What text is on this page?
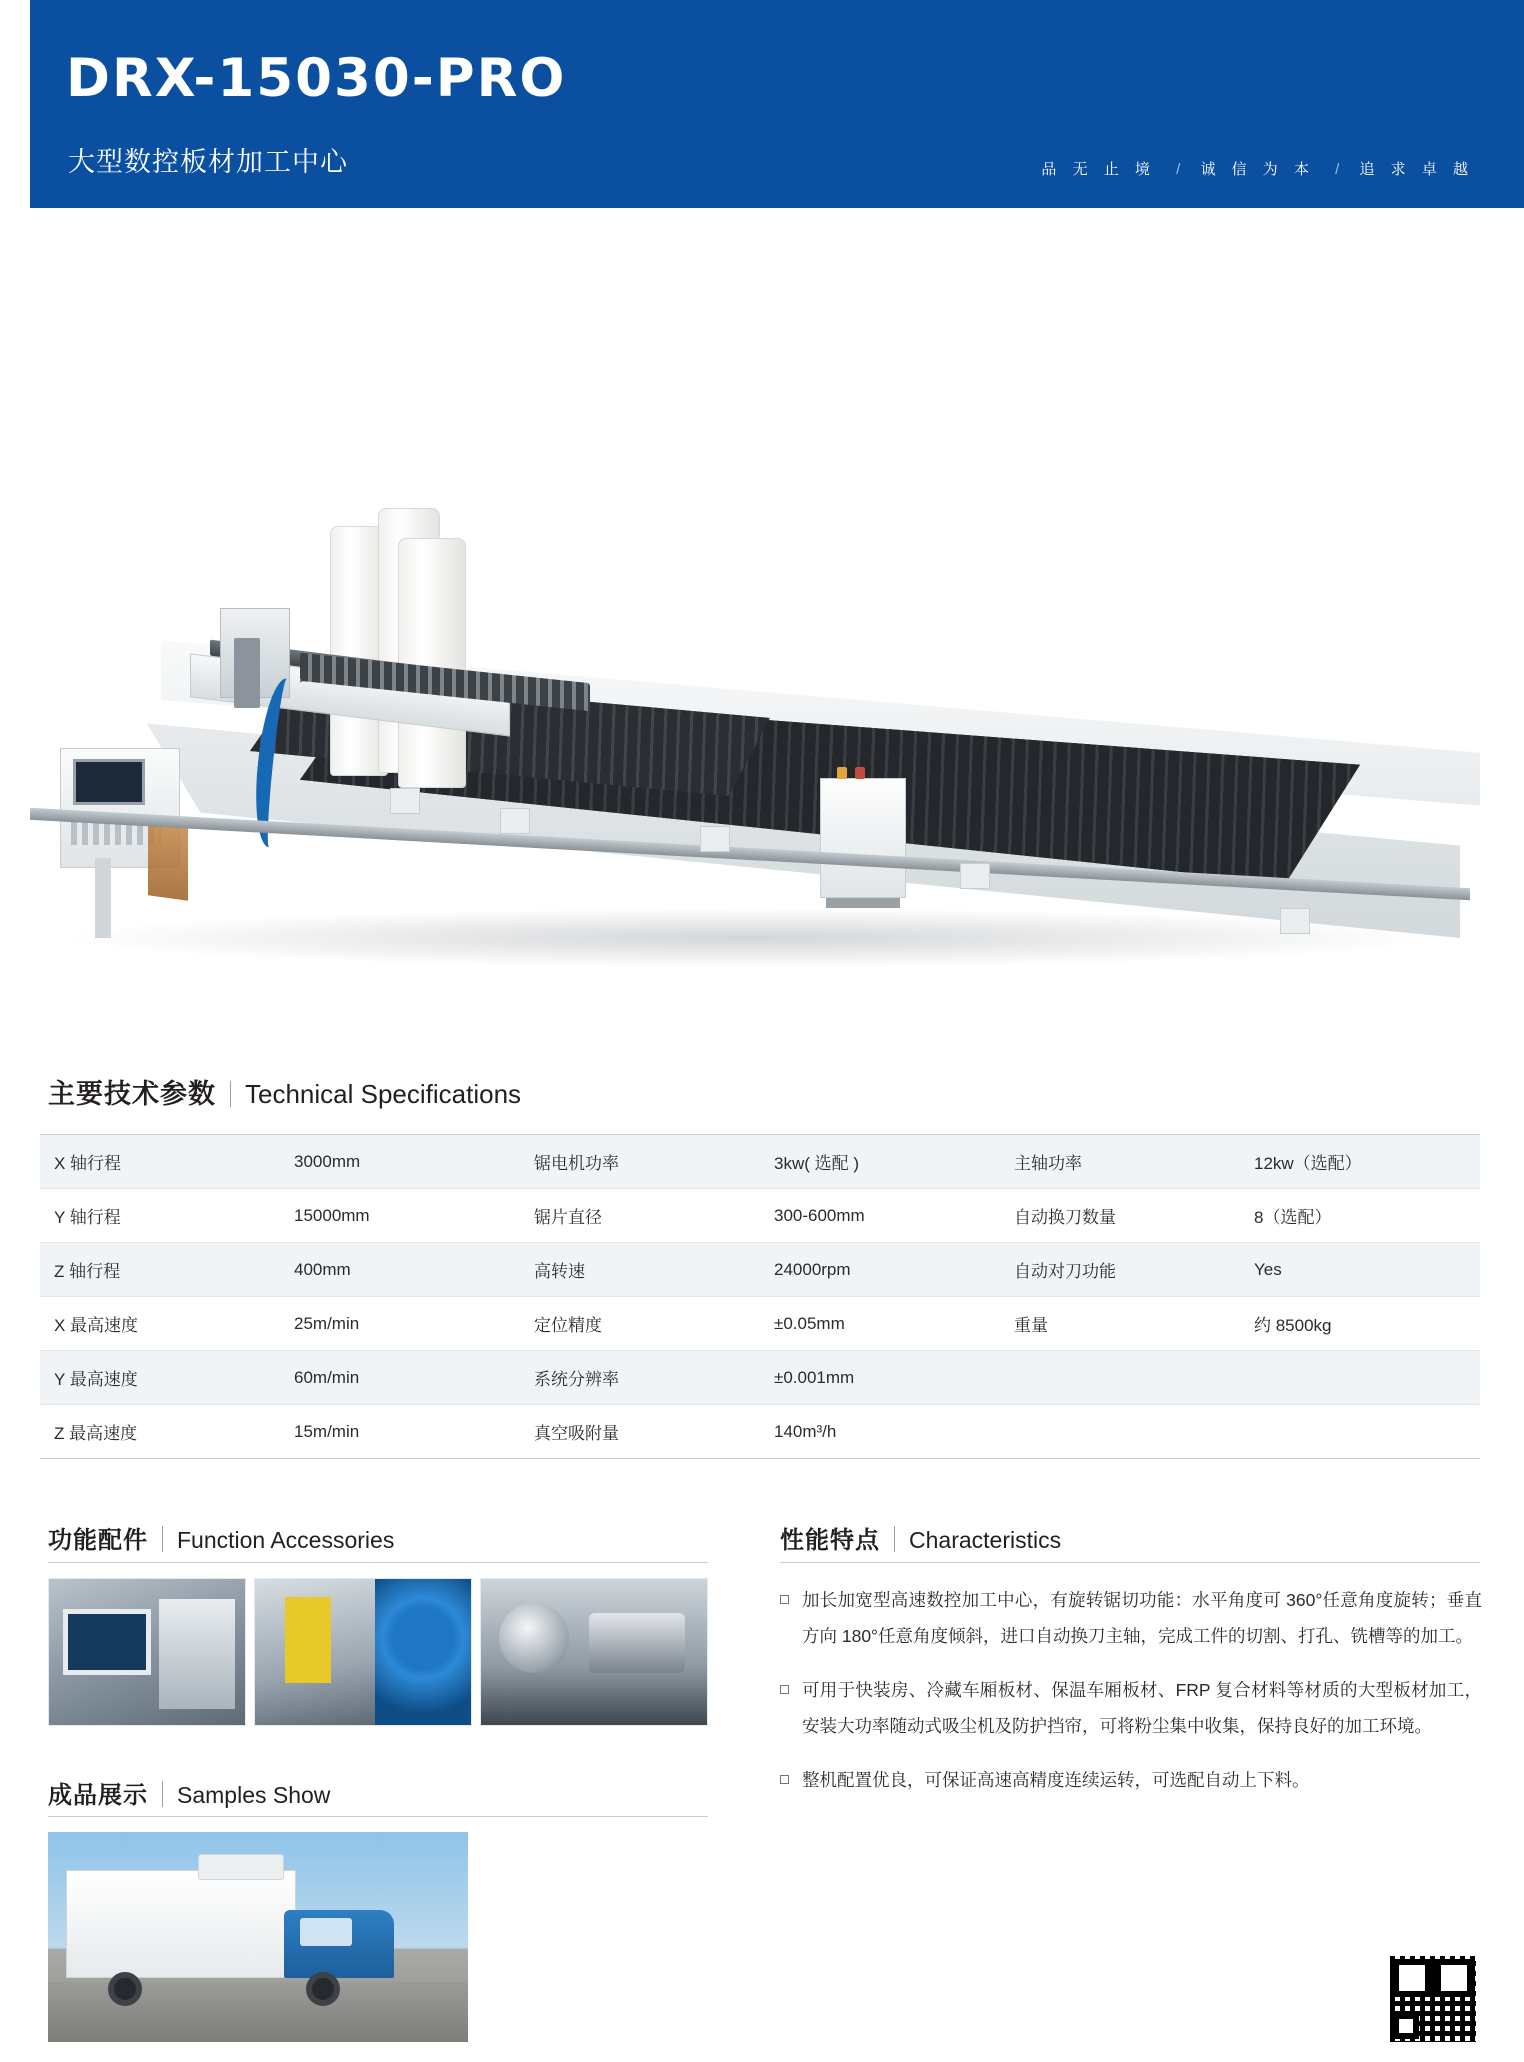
DRX-15030-PRO
大型数控板材加工中心	品 无 止 境 / 诚 信 为 本 / 追 求 卓 越
主要技术参数 Technical Specifications
X 轴行程	3000mm	锯电机功率	3kw( 选配 )	主轴功率	12kw（选配）
Y 轴行程	15000mm	锯片直径	300-600mm	自动换刀数量	8（选配）
Z 轴行程	400mm	高转速	24000rpm	自动对刀功能	Yes
X 最高速度	25m/min	定位精度	±0.05mm	重量	约 8500kg
Y 最高速度	60m/min	系统分辨率	±0.001mm		
Z 最高速度	15m/min	真空吸附量	140m³/h		
功能配件 Function Accessories
成品展示 Samples Show
性能特点 Characteristics
加长加宽型高速数控加工中心，有旋转锯切功能：水平角度可 360°任意角度旋转；垂直方向 180°任意角度倾斜，进口自动换刀主轴，完成工件的切割、打孔、铣槽等的加工。
可用于快装房、冷藏车厢板材、保温车厢板材、FRP 复合材料等材质的大型板材加工，安装大功率随动式吸尘机及防护挡帘，可将粉尘集中收集，保持良好的加工环境。
整机配置优良，可保证高速高精度连续运转，可选配自动上下料。
